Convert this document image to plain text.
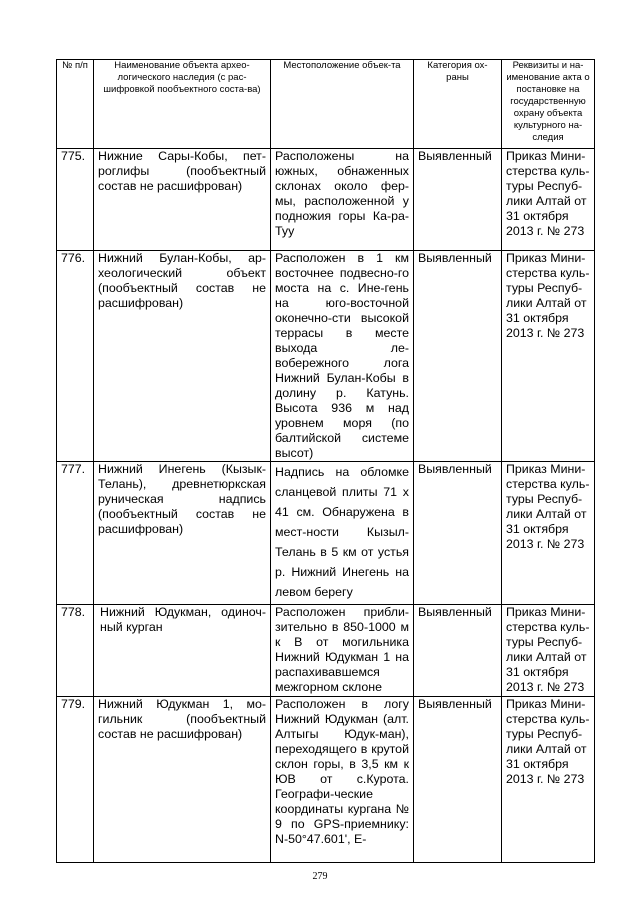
№ п/п	Наименование объекта архео-логического наследия (с рас-шифровкой пообъектного соста-ва)	Местоположение объек-та	Категория ох-раны	Реквизиты и на-именование акта о постановке на государственную охрану объекта культурного на-следия
775.	Нижние Сары-Кобы, пет-роглифы (пообъектный состав не расшифрован)	Расположены на южных, обнаженных склонах около фер-мы, расположенной у подножия горы Ка-ра-Туу	Выявленный	Приказ Мини-стерства куль-туры Респуб-лики Алтай от 31 октября 2013 г. № 273
776.	Нижний Булан-Кобы, ар-хеологический объект (пообъектный состав не расшифрован)	Расположен в 1 км восточнее подвесно-го моста на с. Ине-гень на юго-восточной оконечно-сти высокой террасы в месте выхода ле-вобережного лога Нижний Булан-Кобы в долину р. Катунь. Высота 936 м над уровнем моря (по балтийской системе высот)	Выявленный	Приказ Мини-стерства куль-туры Респуб-лики Алтай от 31 октября 2013 г. № 273
777.	Нижний Инегень (Кызык-Телань), древнетюркская руническая надпись (пообъектный состав не расшифрован)	Надпись на обломке сланцевой плиты 71 х 41 см. Обнаружена в мест-ности Кызыл-Телань в 5 км от устья р. Нижний Инегень на левом берегу	Выявленный	Приказ Мини-стерства куль-туры Респуб-лики Алтай от 31 октября 2013 г. № 273
778.	Нижний Юдукман, одиноч-ный курган	Расположен прибли-зительно в 850-1000 м к В от могильника Нижний Юдукман 1 на распахивавшемся межгорном склоне	Выявленный	Приказ Мини-стерства куль-туры Респуб-лики Алтай от 31 октября 2013 г. № 273
779.	Нижний Юдукман 1, мо-гильник (пообъектный состав не расшифрован)	Расположен в логу Нижний Юдукман (алт. Алтыгы Юдук-ман), переходящего в крутой склон горы, в 3,5 км к ЮВ от с.Курота. Географи-ческие координаты кургана № 9 по GPS-приемнику: N-50°47.601', E-	Выявленный	Приказ Мини-стерства куль-туры Респуб-лики Алтай от 31 октября 2013 г. № 273
279
